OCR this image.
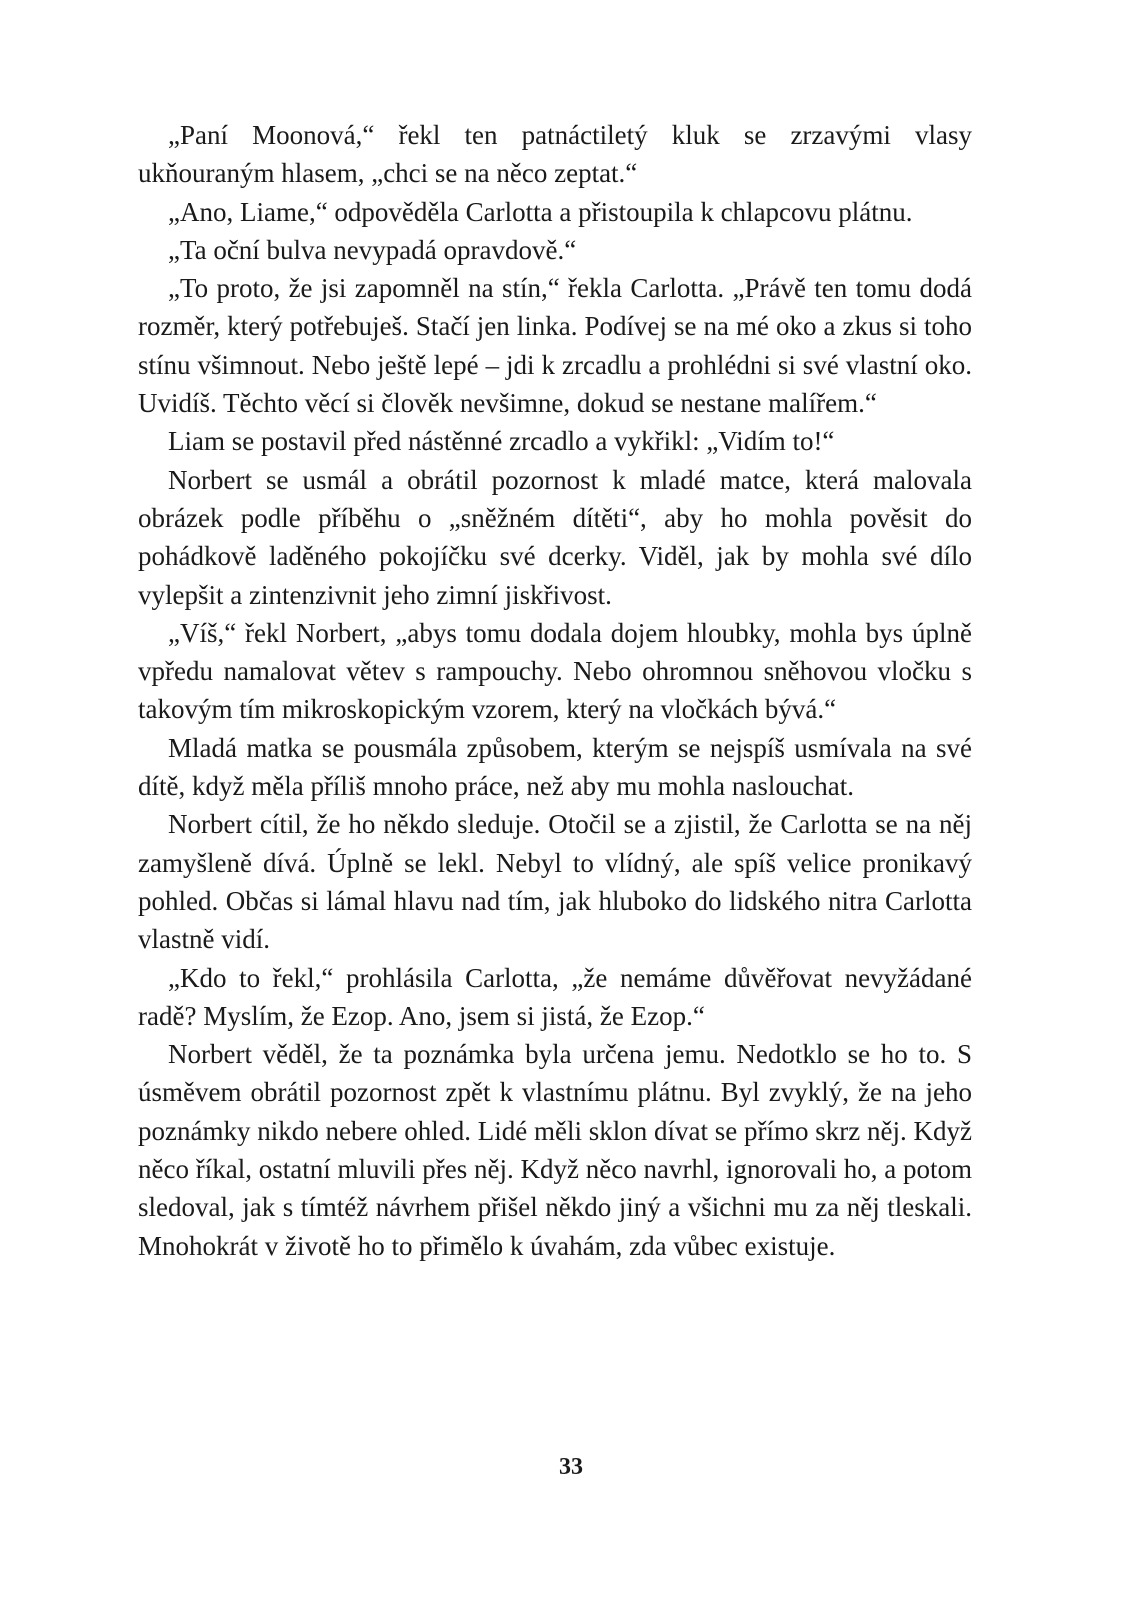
„Paní Moonová,“ řekl ten patnáctiletý kluk se zrzavými vlasy ukňouraným hlasem, „chci se na něco zeptat.“

„Ano, Liame,“ odpověděla Carlotta a přistoupila k chlapcovu plátnu.

„Ta oční bulva nevypadá opravdově.“

„To proto, že jsi zapomněl na stín,“ řekla Carlotta. „Právě ten tomu dodá rozměr, který potřebuješ. Stačí jen linka. Podívej se na mé oko a zkus si toho stínu všimnout. Nebo ještě lepé – jdi k zrcadlu a prohlédni si své vlastní oko. Uvidíš. Těchto věcí si člověk nevšimne, dokud se nestane malířem.“

Liam se postavil před nástěnné zrcadlo a vykřikl: „Vidím to!“

Norbert se usmál a obrátil pozornost k mladé matce, která malovala obrázek podle příběhu o „sněžném dítěti“, aby ho mohla pověsit do pohádkově laděného pokojíčku své dcerky. Viděl, jak by mohla své dílo vylepšit a zintenzivnit jeho zimní jiskřivost.

„Víš,“ řekl Norbert, „abys tomu dodala dojem hloubky, mohla bys úplně vpředu namalovat větev s rampouchy. Nebo ohromnou sněhovou vločku s takovým tím mikroskopickým vzorem, který na vločkách bývá.“

Mladá matka se pousmála způsobem, kterým se nejspíš usmívala na své dítě, když měla příliš mnoho práce, než aby mu mohla naslouchat.

Norbert cítil, že ho někdo sleduje. Otočil se a zjistil, že Carlotta se na něj zamyšleně dívá. Úplně se lekl. Nebyl to vlídný, ale spíš velice pronikavý pohled. Občas si lámal hlavu nad tím, jak hluboko do lidského nitra Carlotta vlastně vidí.

„Kdo to řekl,“ prohlásila Carlotta, „že nemáme důvěřovat nevyžádané radě? Myslím, že Ezop. Ano, jsem si jistá, že Ezop.“

Norbert věděl, že ta poznámka byla určena jemu. Nedotklo se ho to. S úsměvem obrátil pozornost zpět k vlastnímu plátnu. Byl zvyklý, že na jeho poznámky nikdo nebere ohled. Lidé měli sklon dívat se přímo skrz něj. Když něco říkal, ostatní mluvili přes něj. Když něco navrhl, ignorovali ho, a potom sledoval, jak s tímtéž návrhem přišel někdo jiný a všichni mu za něj tleskali. Mnohokrát v životě ho to přimělo k úvahám, zda vůbec existuje.

33
